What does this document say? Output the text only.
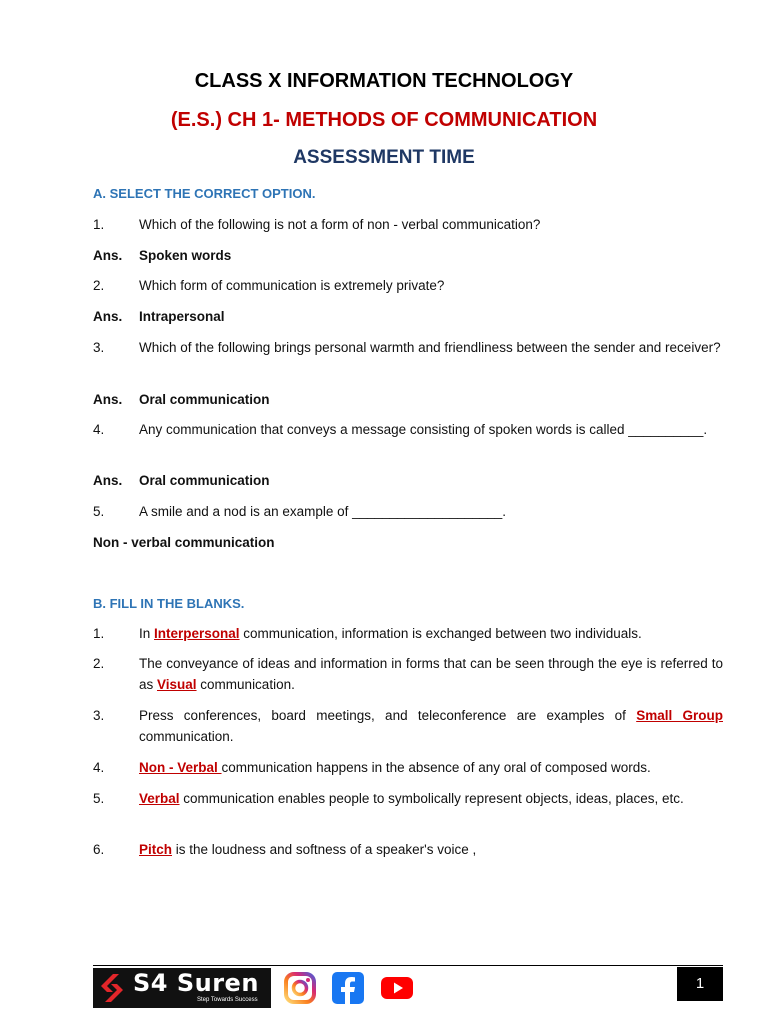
CLASS X INFORMATION TECHNOLOGY
(E.S.) CH 1- METHODS OF COMMUNICATION
ASSESSMENT TIME
A. SELECT THE CORRECT OPTION.
1.	Which of the following is not a form of non - verbal communication?
Ans. Spoken words
2.	Which form of communication is extremely private?
Ans. Intrapersonal
3.	Which of the following brings personal warmth and friendliness between the sender and receiver?
Ans. Oral communication
4.	Any communication that conveys a message consisting of spoken words is called __________.
Ans. Oral communication
5.	A smile and a nod is an example of ____________________.
Non - verbal communication
B. FILL IN THE BLANKS.
1.	In Interpersonal communication, information is exchanged between two individuals.
2.	The conveyance of ideas and information in forms that can be seen through the eye is referred to as Visual communication.
3.	Press conferences, board meetings, and teleconference are examples of Small Group communication.
4.	Non - Verbal communication happens in the absence of any oral of composed words.
5.	Verbal communication enables people to symbolically represent objects, ideas, places, etc.
6.	Pitch is the loudness and softness of a speaker's voice ,
S4 Suren
Step Towards Success
1
